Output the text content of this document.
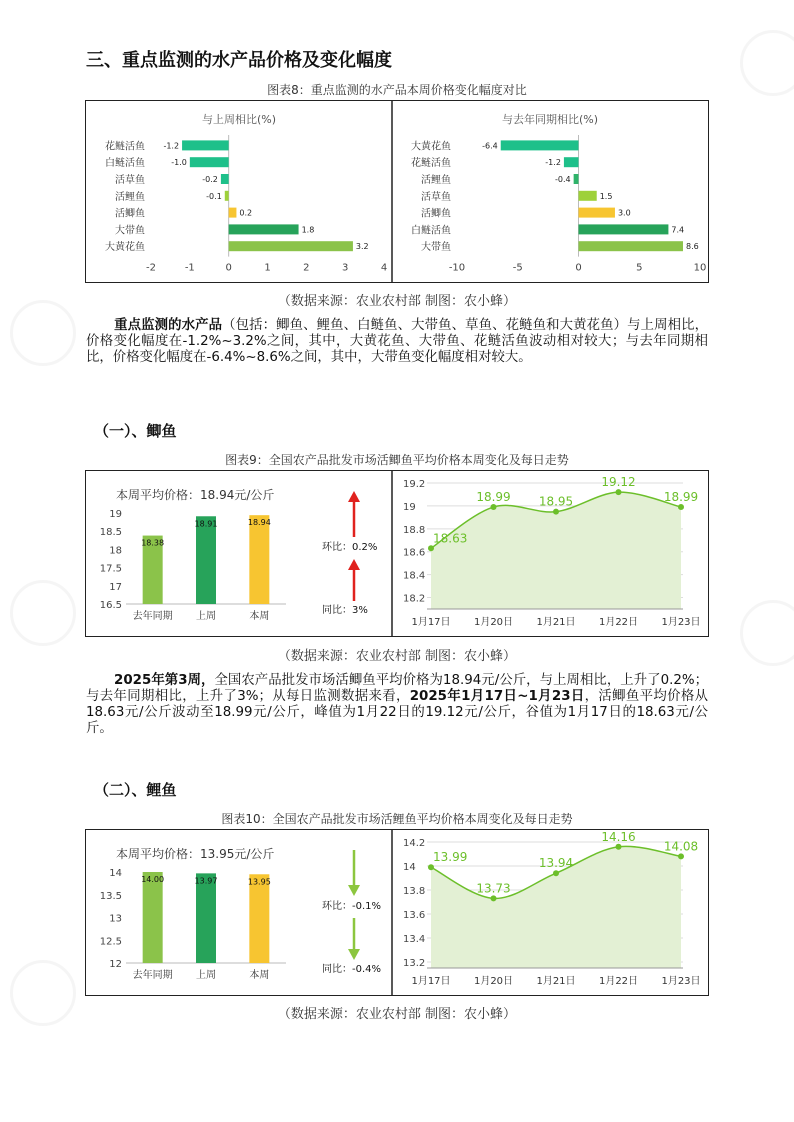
三、重点监测的水产品价格及变化幅度
图表8：重点监测的水产品本周价格变化幅度对比
与上周相比(%)
花鲢活鱼 -1.2
白鲢活鱼	-1.0
活草鱼	-0.2
活鲤鱼	-0.1
活鲫鱼	0.2
大带鱼	1.8
大黄花鱼	3.2
-2	-1	0	1	2	3	4
与去年同期相比(%)
大黄花鱼	-6.4
花鲢活鱼	-1.2
活鲤鱼	-0.4
活草鱼	1.5
活鲫鱼	3.0
白鲢活鱼	7.4
大带鱼	8.6
-10	-5	0	5	10
（数据来源：农业农村部 制图：农小蜂）

重点监测的水产品（包括：鲫鱼、鲤鱼、白鲢鱼、大带鱼、草鱼、花鲢鱼和大黄花鱼）与上周相比，价格变化幅度在-1.2%~3.2%之间，其中，大黄花鱼、大带鱼、花鲢活鱼波动相对较大；与去年同期相比，价格变化幅度在-6.4%~8.6%之间，其中，大带鱼变化幅度相对较大。

（一）、鲫鱼
图表9：全国农产品批发市场活鲫鱼平均价格本周变化及每日走势
本周平均价格：18.94元/公斤
16.5
17
17.5
18
18.5
19
18.38
去年同期
18.91
上周
18.94
本周
环比：0.2%
同比：3%
18.2
18.4
18.6
18.8
19
19.2
18.63
1月17日
18.99
1月20日
18.95
1月21日
19.12
1月22日
18.99
1月23日
（数据来源：农业农村部 制图：农小蜂）

2025年第3周，全国农产品批发市场活鲫鱼平均价格为18.94元/公斤，与上周相比，上升了0.2%；与去年同期相比，上升了3%；从每日监测数据来看，2025年1月17日~1月23日，活鲫鱼平均价格从18.63元/公斤波动至18.99元/公斤，峰值为1月22日的19.12元/公斤，谷值为1月17日的18.63元/公斤。

（二）、鲤鱼
图表10：全国农产品批发市场活鲤鱼平均价格本周变化及每日走势
本周平均价格：13.95元/公斤
12
12.5
13
13.5
14
14.00
去年同期
13.97
上周
13.95
本周
环比：-0.1%
同比：-0.4%
13.2
13.4
13.6
13.8
14
14.2
13.99
1月17日
13.73
1月20日
13.94
1月21日
14.16
1月22日
14.08
1月23日
（数据来源：农业农村部 制图：农小蜂）
